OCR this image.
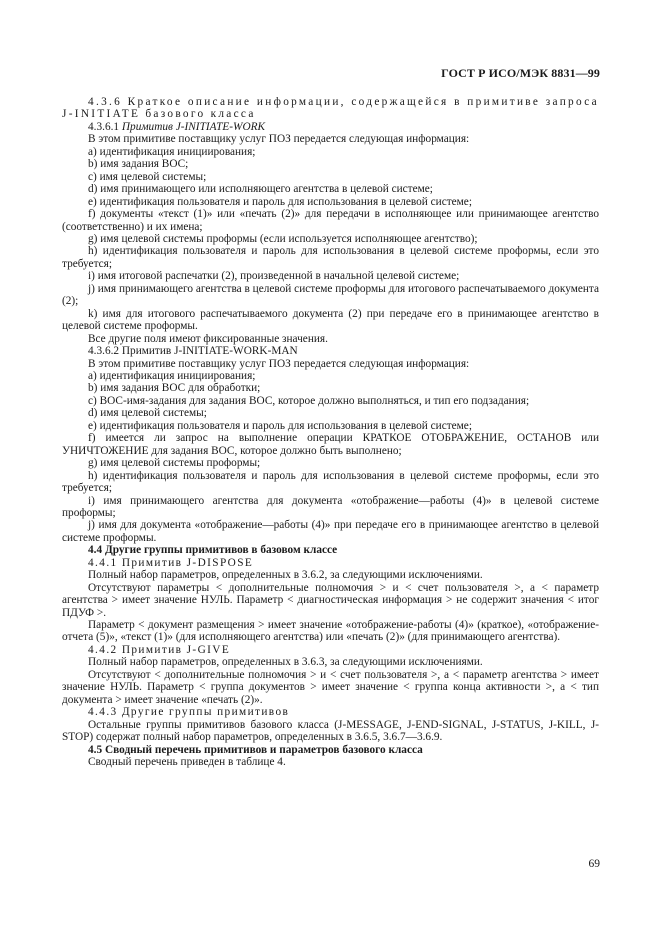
ГОСТ Р ИСО/МЭК 8831—99

4.3.6 Краткое описание информации, содержащейся в примитиве запроса J-INITIATE базового класса

4.3.6.1 Примитив J-INITIATE-WORK

В этом примитиве поставщику услуг ПОЗ передается следующая информация:

a) идентификация инициирования;

b) имя задания ВОС;

c) имя целевой системы;

d) имя принимающего или исполняющего агентства в целевой системе;

e) идентификация пользователя и пароль для использования в целевой системе;

f) документы «текст (1)» или «печать (2)» для передачи в исполняющее или принимающее агентство (соответственно) и их имена;

g) имя целевой системы проформы (если используется исполняющее агентство);

h) идентификация пользователя и пароль для использования в целевой системе проформы, если это требуется;

i) имя итоговой распечатки (2), произведенной в начальной целевой системе;

j) имя принимающего агентства в целевой системе проформы для итогового распечатываемого документа (2);

k) имя для итогового распечатываемого документа (2) при передаче его в принимающее агентство в целевой системе проформы.

Все другие поля имеют фиксированные значения.

4.3.6.2 Примитив J-INITIATE-WORK-MAN

В этом примитиве поставщику услуг ПОЗ передается следующая информация:

a) идентификация инициирования;

b) имя задания ВОС для обработки;

c) ВОС-имя-задания для задания ВОС, которое должно выполняться, и тип его подзадания;

d) имя целевой системы;

e) идентификация пользователя и пароль для использования в целевой системе;

f) имеется ли запрос на выполнение операции КРАТКОЕ ОТОБРАЖЕНИЕ, ОСТАНОВ или УНИЧТОЖЕНИЕ для задания ВОС, которое должно быть выполнено;

g) имя целевой системы проформы;

h) идентификация пользователя и пароль для использования в целевой системе проформы, если это требуется;

i) имя принимающего агентства для документа «отображение—работы (4)» в целевой системе проформы;

j) имя для документа «отображение—работы (4)» при передаче его в принимающее агентство в целевой системе проформы.

4.4 Другие группы примитивов в базовом классе

4.4.1 Примитив J-DISPOSE

Полный набор параметров, определенных в 3.6.2, за следующими исключениями.

Отсутствуют параметры < дополнительные полномочия > и < счет пользователя >, а < параметр агентства > имеет значение НУЛЬ. Параметр < диагностическая информация > не содержит значения < итог ПДУФ >.

Параметр < документ размещения > имеет значение «отображение-работы (4)» (краткое), «отображение-отчета (5)», «текст (1)» (для исполняющего агентства) или «печать (2)» (для принимающего агентства).

4.4.2 Примитив J-GIVE

Полный набор параметров, определенных в 3.6.3, за следующими исключениями.

Отсутствуют < дополнительные полномочия > и < счет пользователя >, а < параметр агентства > имеет значение НУЛЬ. Параметр < группа документов > имеет значение < группа конца активности >, а < тип документа > имеет значение «печать (2)».

4.4.3 Другие группы примитивов

Остальные группы примитивов базового класса (J-MESSAGE, J-END-SIGNAL, J-STATUS, J-KILL, J-STOP) содержат полный набор параметров, определенных в 3.6.5, 3.6.7—3.6.9.

4.5 Сводный перечень примитивов и параметров базового класса

Сводный перечень приведен в таблице 4.

69
